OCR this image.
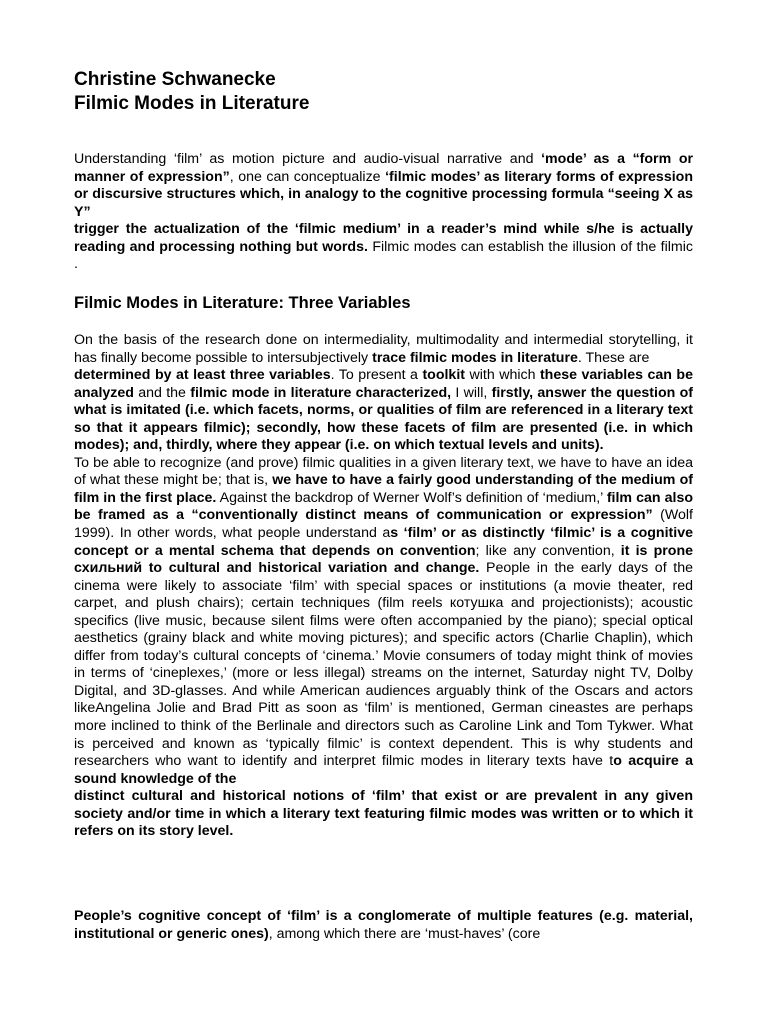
Christine Schwanecke
Filmic Modes in Literature

Understanding ‘film’ as motion picture and audio-visual narrative and ‘mode’ as a “form or manner of expression”, one can conceptualize ‘filmic modes’ as literary forms of expression or discursive structures which, in analogy to the cognitive processing formula “seeing X as Y”
trigger the actualization of the ‘filmic medium’ in a reader’s mind while s/he is actually reading and processing nothing but words. Filmic modes can establish the illusion of the filmic .

Filmic Modes in Literature: Three Variables

On the basis of the research done on intermediality, multimodality and intermedial storytelling, it has finally become possible to intersubjectively trace filmic modes in literature. These are
determined by at least three variables. To present a toolkit with which these variables can be analyzed and the filmic mode in literature characterized, I will, firstly, answer the question of what is imitated (i.e. which facets, norms, or qualities of film are referenced in a literary text so that it appears filmic); secondly, how these facets of film are presented (i.e. in which modes); and, thirdly, where they appear (i.e. on which textual levels and units).
To be able to recognize (and prove) filmic qualities in a given literary text, we have to have an idea of what these might be; that is, we have to have a fairly good understanding of the medium of film in the first place. Against the backdrop of Werner Wolf’s definition of ‘medium,’ film can also be framed as a “conventionally distinct means of communication or expression” (Wolf 1999). In other words, what people understand as ‘film’ or as distinctly ‘filmic’ is a cognitive concept or a mental schema that depends on convention; like any convention, it is prone схильний to cultural and historical variation and change. People in the early days of the cinema were likely to associate ‘film’ with special spaces or institutions (a movie theater, red carpet, and plush chairs); certain techniques (film reels котушка and projectionists); acoustic specifics (live music, because silent films were often accompanied by the piano); special optical aesthetics (grainy black and white moving pictures); and specific actors (Charlie Chaplin), which differ from today’s cultural concepts of ‘cinema.’ Movie consumers of today might think of movies in terms of ‘cineplexes,’ (more or less illegal) streams on the internet, Saturday night TV, Dolby Digital, and 3D-glasses. And while American audiences arguably think of the Oscars and actors likeAngelina Jolie and Brad Pitt as soon as ‘film’ is mentioned, German cineastes are perhaps more inclined to think of the Berlinale and directors such as Caroline Link and Tom Tykwer. What is perceived and known as ‘typically filmic’ is context dependent. This is why students and researchers who want to identify and interpret filmic modes in literary texts have to acquire a sound knowledge of the
distinct cultural and historical notions of ‘film’ that exist or are prevalent in any given society and/or time in which a literary text featuring filmic modes was written or to which it refers on its story level.

People’s cognitive concept of ‘film’ is a conglomerate of multiple features (e.g. material, institutional or generic ones), among which there are ‘must-haves’ (core
